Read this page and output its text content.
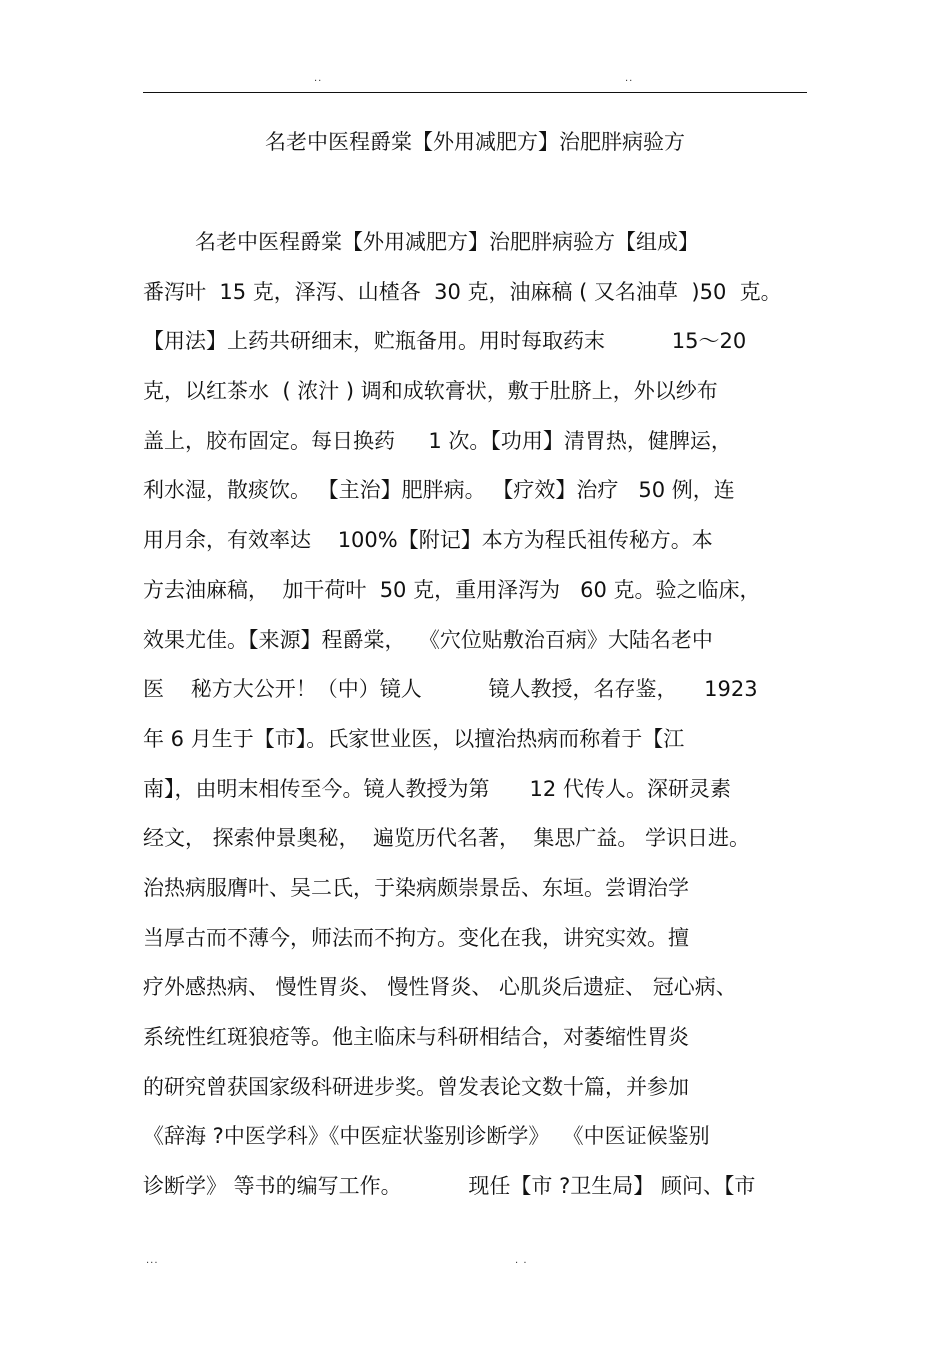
..	..
名老中医程爵棠【外用减肥方】治肥胖病验方
名老中医程爵棠【外用减肥方】治肥胖病验方【组成】
番泻叶  15 克，泽泻、山楂各  30 克，油麻稿 ( 又名油草  )50  克。
【用法】上药共研细末，贮瓶备用。用时每取药末          15～20
克，以红茶水  ( 浓汁 ) 调和成软膏状，敷于肚脐上，外以纱布
盖上，胶布固定。每日换药     1 次。【功用】清胃热，健脾运，
利水湿，散痰饮。 【主治】肥胖病。 【疗效】治疗   50 例，连
用月余，有效率达    100%【附记】本方为程氏祖传秘方。本
方去油麻稿，  加干荷叶  50 克，重用泽泻为   60 克。验之临床，
效果尤佳。【来源】程爵棠，  《穴位贴敷治百病》大陆名老中
医    秘方大公开！（中）镜人          镜人教授，名存鉴，    1923
年 6 月生于【市】。氏家世业医，以擅治热病而称着于【江
南】，由明末相传至今。镜人教授为第      12 代传人。深研灵素
经文， 探索仲景奥秘，  遍览历代名著，  集思广益。 学识日进。
治热病服膺叶、吴二氏，于染病颇崇景岳、东垣。尝谓治学
当厚古而不薄今，师法而不拘方。变化在我，讲究实效。擅
疗外感热病、 慢性胃炎、 慢性肾炎、 心肌炎后遗症、 冠心病、
系统性红斑狼疮等。他主临床与科研相结合，对萎缩性胃炎
的研究曾获国家级科研进步奖。曾发表论文数十篇，并参加
《辞海 ?中医学科》《中医症状鉴别诊断学》  《中医证候鉴别
诊断学》 等书的编写工作。          现任【市 ?卫生局】 顾问、【市
...	. .
